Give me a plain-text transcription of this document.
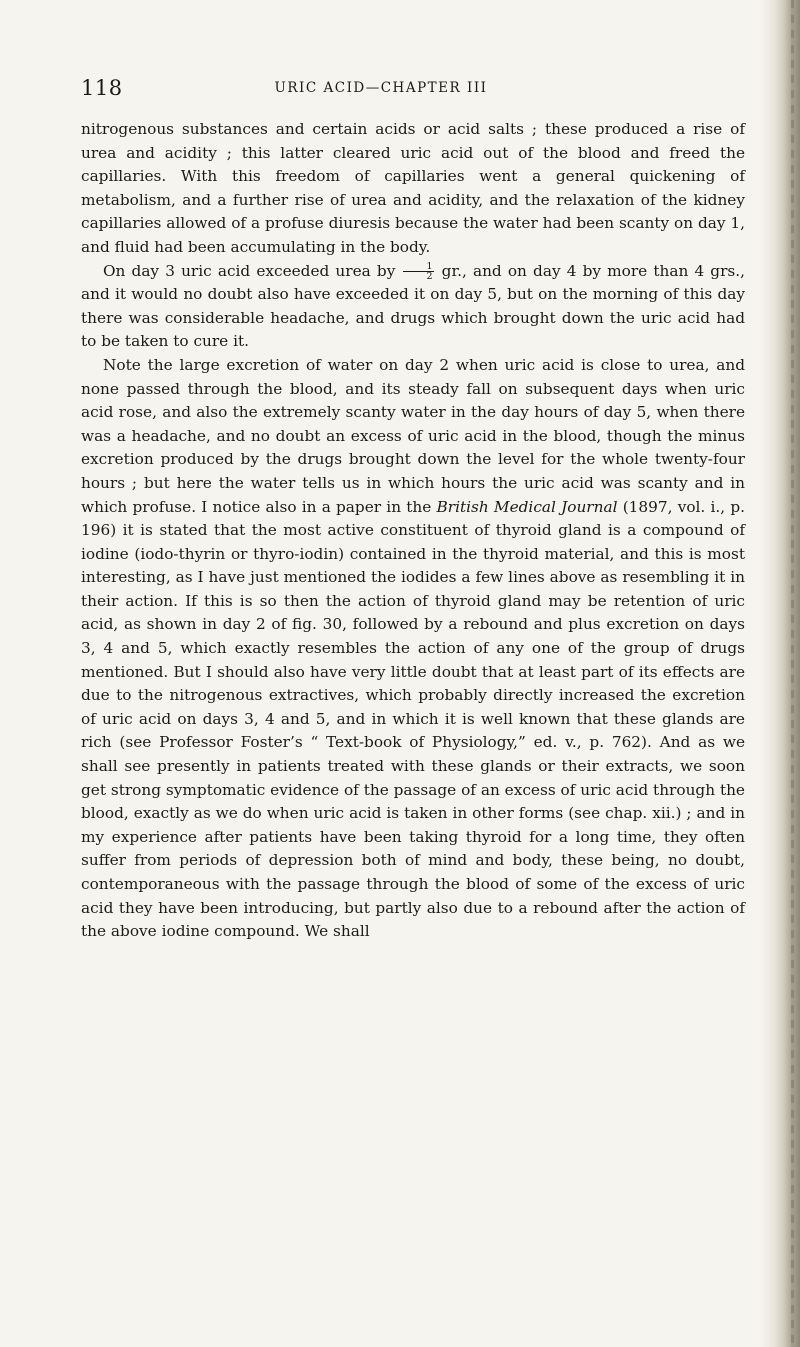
118	URIC ACID—CHAPTER III

nitrogenous substances and certain acids or acid salts ; these produced a rise of urea and acidity ; this latter cleared uric acid out of the blood and freed the capillaries. With this freedom of capillaries went a general quickening of metabolism, and a further rise of urea and acidity, and the relaxation of the kidney capillaries allowed of a profuse diuresis because the water had been scanty on day 1, and fluid had been accumulating in the body.

On day 3 uric acid exceeded urea by $\frac{1}{2}$ gr., and on day 4 by more than 4 grs., and it would no doubt also have exceeded it on day 5, but on the morning of this day there was considerable headache, and drugs which brought down the uric acid had to be taken to cure it.

Note the large excretion of water on day 2 when uric acid is close to urea, and none passed through the blood, and its steady fall on subsequent days when uric acid rose, and also the extremely scanty water in the day hours of day 5, when there was a headache, and no doubt an excess of uric acid in the blood, though the minus excretion produced by the drugs brought down the level for the whole twenty-four hours ; but here the water tells us in which hours the uric acid was scanty and in which profuse. I notice also in a paper in the British Medical Journal (1897, vol. i., p. 196) it is stated that the most active constituent of thyroid gland is a compound of iodine (iodo-thyrin or thyro-iodin) contained in the thyroid material, and this is most interesting, as I have just mentioned the iodides a few lines above as resembling it in their action. If this is so then the action of thyroid gland may be retention of uric acid, as shown in day 2 of fig. 30, followed by a rebound and plus excretion on days 3, 4 and 5, which exactly resembles the action of any one of the group of drugs mentioned. But I should also have very little doubt that at least part of its effects are due to the nitrogenous extractives, which probably directly increased the excretion of uric acid on days 3, 4 and 5, and in which it is well known that these glands are rich (see Professor Foster’s “ Text-book of Physiology,” ed. v., p. 762). And as we shall see presently in patients treated with these glands or their extracts, we soon get strong symptomatic evidence of the passage of an excess of uric acid through the blood, exactly as we do when uric acid is taken in other forms (see chap. xii.) ; and in my experience after patients have been taking thyroid for a long time, they often suffer from periods of depression both of mind and body, these being, no doubt, contemporaneous with the passage through the blood of some of the excess of uric acid they have been introducing, but partly also due to a rebound after the action of the above iodine compound. We shall
